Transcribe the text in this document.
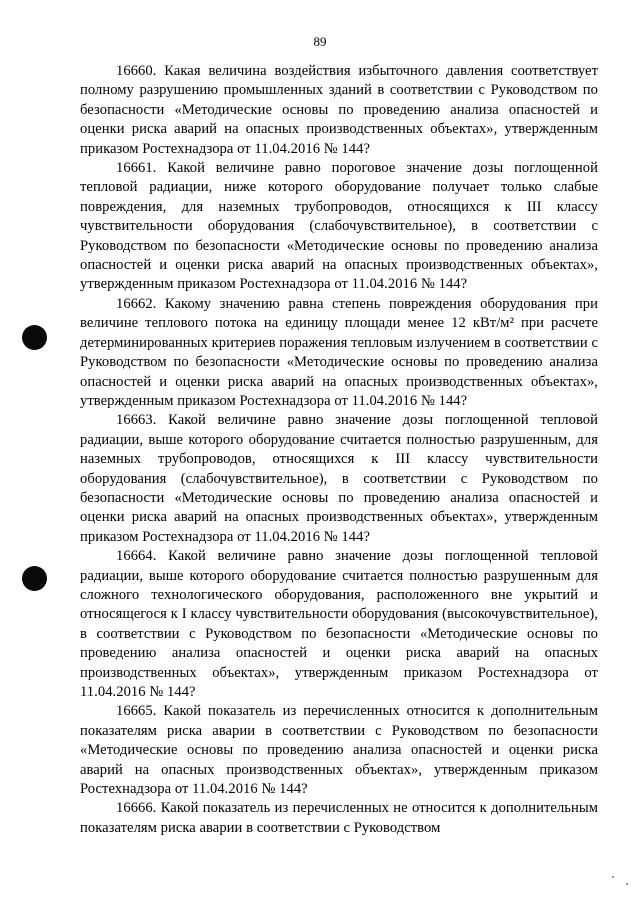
89

16660. Какая величина воздействия избыточного давления соответствует полному разрушению промышленных зданий в соответствии с Руководством по безопасности «Методические основы по проведению анализа опасностей и оценки риска аварий на опасных производственных объектах», утвержденным приказом Ростехнадзора от 11.04.2016 № 144?

16661. Какой величине равно пороговое значение дозы поглощенной тепловой радиации, ниже которого оборудование получает только слабые повреждения, для наземных трубопроводов, относящихся к III классу чувствительности оборудования (слабочувствительное), в соответствии с Руководством по безопасности «Методические основы по проведению анализа опасностей и оценки риска аварий на опасных производственных объектах», утвержденным приказом Ростехнадзора от 11.04.2016 № 144?

16662. Какому значению равна степень повреждения оборудования при величине теплового потока на единицу площади менее 12 кВт/м² при расчете детерминированных критериев поражения тепловым излучением в соответствии с Руководством по безопасности «Методические основы по проведению анализа опасностей и оценки риска аварий на опасных производственных объектах», утвержденным приказом Ростехнадзора от 11.04.2016 № 144?

16663. Какой величине равно значение дозы поглощенной тепловой радиации, выше которого оборудование считается полностью разрушенным, для наземных трубопроводов, относящихся к III классу чувствительности оборудования (слабочувствительное), в соответствии с Руководством по безопасности «Методические основы по проведению анализа опасностей и оценки риска аварий на опасных производственных объектах», утвержденным приказом Ростехнадзора от 11.04.2016 № 144?

16664. Какой величине равно значение дозы поглощенной тепловой радиации, выше которого оборудование считается полностью разрушенным для сложного технологического оборудования, расположенного вне укрытий и относящегося к I классу чувствительности оборудования (высокочувствительное), в соответствии с Руководством по безопасности «Методические основы по проведению анализа опасностей и оценки риска аварий на опасных производственных объектах», утвержденным приказом Ростехнадзора от 11.04.2016 № 144?

16665. Какой показатель из перечисленных относится к дополнительным показателям риска аварии в соответствии с Руководством по безопасности «Методические основы по проведению анализа опасностей и оценки риска аварий на опасных производственных объектах», утвержденным приказом Ростехнадзора от 11.04.2016 № 144?

16666. Какой показатель из перечисленных не относится к дополнительным показателям риска аварии в соответствии с Руководством
